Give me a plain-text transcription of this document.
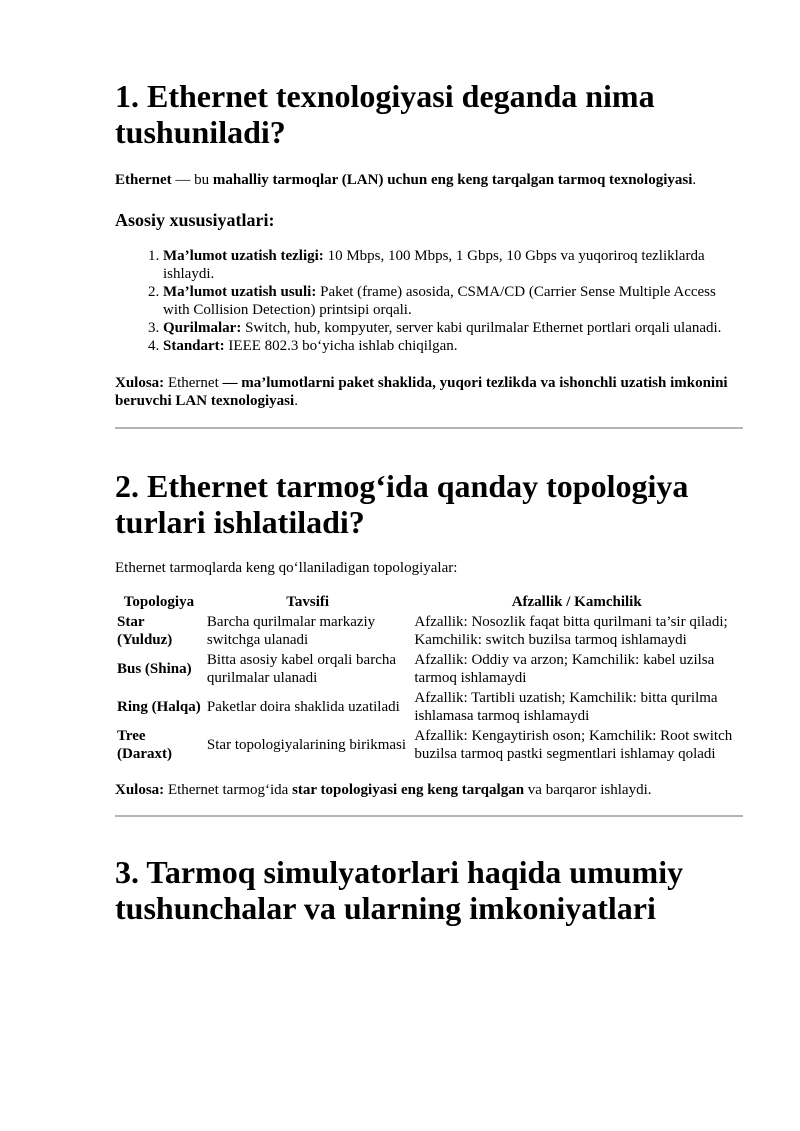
1. Ethernet texnologiyasi deganda nima tushuniladi?

Ethernet — bu mahalliy tarmoqlar (LAN) uchun eng keng tarqalgan tarmoq texnologiyasi.

Asosiy xususiyatlari:
1. Ma’lumot uzatish tezligi: 10 Mbps, 100 Mbps, 1 Gbps, 10 Gbps va yuqoriroq tezliklarda ishlaydi.
2. Ma’lumot uzatish usuli: Paket (frame) asosida, CSMA/CD (Carrier Sense Multiple Access with Collision Detection) printsipi orqali.
3. Qurilmalar: Switch, hub, kompyuter, server kabi qurilmalar Ethernet portlari orqali ulanadi.
4. Standart: IEEE 802.3 bo‘yicha ishlab chiqilgan.

Xulosa: Ethernet — ma’lumotlarni paket shaklida, yuqori tezlikda va ishonchli uzatish imkonini beruvchi LAN texnologiyasi.

2. Ethernet tarmog‘ida qanday topologiya turlari ishlatiladi?

Ethernet tarmoqlarda keng qo‘llaniladigan topologiyalar:

Topologiya	Tavsifi	Afzallik / Kamchilik
Star (Yulduz)	Barcha qurilmalar markaziy switchga ulanadi	Afzallik: Nosozlik faqat bitta qurilmani ta’sir qiladi; Kamchilik: switch buzilsa tarmoq ishlamaydi
Bus (Shina)	Bitta asosiy kabel orqali barcha qurilmalar ulanadi	Afzallik: Oddiy va arzon; Kamchilik: kabel uzilsa tarmoq ishlamaydi
Ring (Halqa)	Paketlar doira shaklida uzatiladi	Afzallik: Tartibli uzatish; Kamchilik: bitta qurilma ishlamasa tarmoq ishlamaydi
Tree (Daraxt)	Star topologiyalarining birikmasi	Afzallik: Kengaytirish oson; Kamchilik: Root switch buzilsa tarmoq pastki segmentlari ishlamay qoladi

Xulosa: Ethernet tarmog‘ida star topologiyasi eng keng tarqalgan va barqaror ishlaydi.

3. Tarmoq simulyatorlari haqida umumiy tushunchalar va ularning imkoniyatlari
